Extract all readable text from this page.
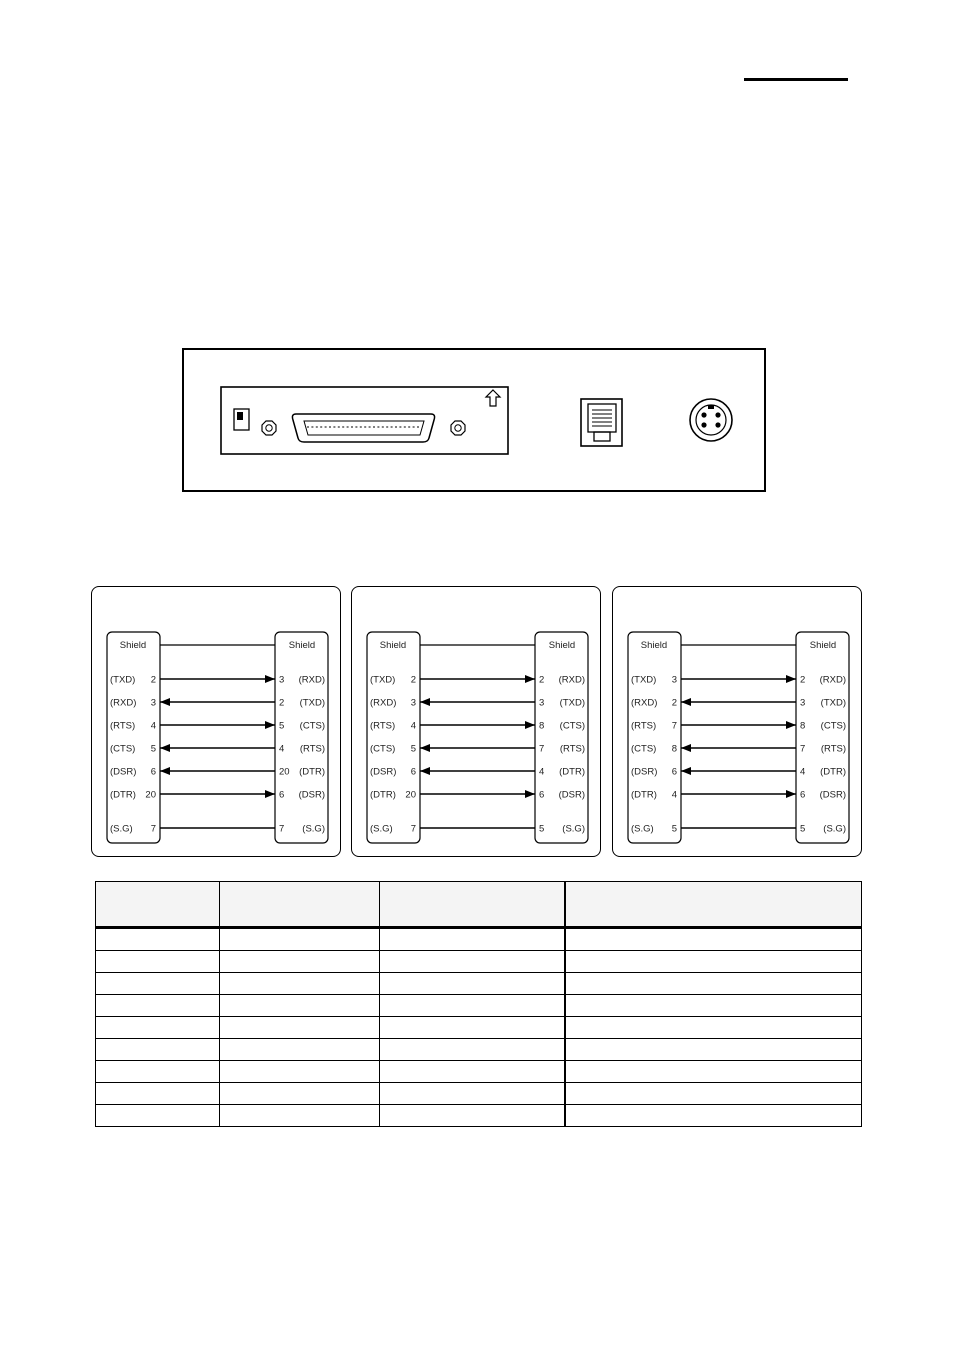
Shield	Shield
(TXD) 2	3 (RXD)
(RXD) 3	2 (TXD)
(RTS) 4	5 (CTS)
(CTS) 5	4 (RTS)
(DSR) 6	20 (DTR)
(DTR) 20	6 (DSR)
(S.G) 7	7 (S.G)
Shield	Shield
(TXD) 2	2 (RXD)
(RXD) 3	3 (TXD)
(RTS) 4	8 (CTS)
(CTS) 5	7 (RTS)
(DSR) 6	4 (DTR)
(DTR) 20	6 (DSR)
(S.G) 7	5 (S.G)
Shield	Shield
(TXD) 3	2 (RXD)
(RXD) 2	3 (TXD)
(RTS) 7	8 (CTS)
(CTS) 8	7 (RTS)
(DSR) 6	4 (DTR)
(DTR) 4	6 (DSR)
(S.G) 5	5 (S.G)
